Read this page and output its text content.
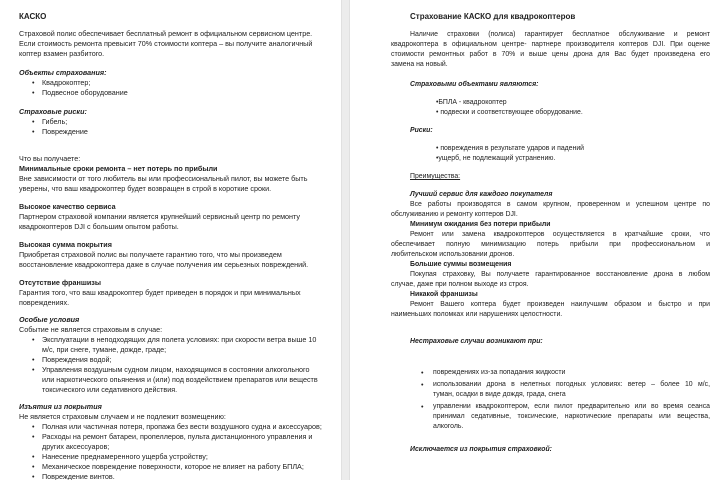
КАСКО
Страховой полис обеспечивает бесплатный ремонт в официальном сервисном центре.
Если стоимость ремонта превысит 70% стоимости коптера – вы получите аналогичный
коптер взамен разбитого.
Объекты страхования:
• Квадрокоптер;
• Подвесное оборудование
Страховые риски:
• Гибель;
• Повреждение
Что вы получаете:
Минимальные сроки ремонта – нет потерь по прибыли
Вне зависимости от того любитель вы или профессиональный пилот, вы можете быть
уверены, что ваш квадрокоптер будет возвращен в строй в короткие сроки.
Высокое качество сервиса
Партнером страховой компании является крупнейший сервисный центр по ремонту
квадрокоптеров DJI с большим опытом работы.
Высокая сумма покрытия
Приобретая страховой полис вы получаете гарантию того, что мы произведем
восстановление квадрокоптера даже в случае получения им серьезных повреждений.
Отсутствие франшизы
Гарантия того, что ваш квадрокоптер будет приведен в порядок и при минимальных
повреждениях.
Особые условия
Событие не является страховым в случае:
• Эксплуатации в неподходящих для полета условиях: при скорости ветра выше 10
м/с, при снеге, тумане, дожде, граде;
• Повреждения водой;
• Управления воздушным судном лицом, находящимся в состоянии алкогольного
или наркотического опьянения и (или) под воздействием препаратов или веществ
токсического или седативного действия.
Изъятия из покрытия
Не является страховым случаем и не подлежит возмещению:
• Полная или частичная потеря, пропажа без вести воздушного судна и аксессуаров;
• Расходы на ремонт батареи, пропеллеров, пульта дистанционного управления и
других аксессуаров;
• Нанесение преднамеренного ущерба устройству;
• Механическое повреждение поверхности, которое не влияет на работу БПЛА;
• Повреждение винтов.
Страхование КАСКО для квадрокоптеров
Наличие страховки (полиса) гарантирует бесплатное обслуживание и ремонт
квадрокоптера в официальном центре- партнере производителя коптеров DJI. При оценке
стоимости ремонтных работ в 70% и выше цены дрона для Вас будет произведена его
замена на новый.
Страховыми объектами являются:
•БПЛА - квадрокоптер
• подвески и соответствующее оборудование.
Риски:
• повреждения в результате ударов и падений
•ущерб, не подлежащий устранению.
Преимущества:
Лучший сервис для каждого покупателя
Все работы производятся в самом крупном, проверенном и успешном центре по
обслуживанию и ремонту коптеров DJI.
Минимум ожидания без потери прибыли
Ремонт или замена квадрокоптеров осуществляется в кратчайшие сроки, что
обеспечивает полную минимизацию потерь прибыли при профессиональном и
любительском использовании дронов.
Большие суммы возмещения
Покупая страховку, Вы получаете гарантированное восстановление дрона в любом
случае, даже при полном выходе из строя.
Никакой франшизы
Ремонт Вашего коптера будет произведен наилучшим образом и быстро и при
наименьших поломках или нарушениях целостности.
Нестраховые случаи возникают при:
• повреждениях из-за попадания жидкости
• использовании дрона в нелетных погодных условиях: ветер – более 10 м/с,
туман, осадки в виде дождя, града, снега
• управлении квадрокоптером, если пилот предварительно или во время сеанса
принимал седативные, токсические, наркотические препараты или вещества,
алкоголь.
Исключается из покрытия страховкой:
